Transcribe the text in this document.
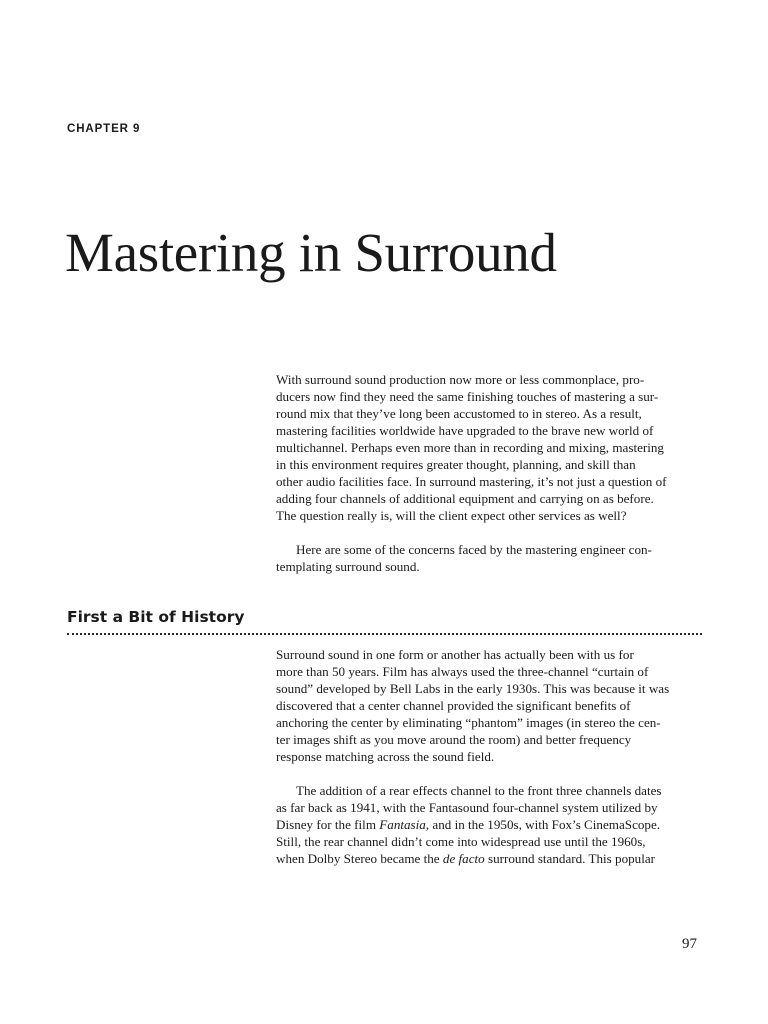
CHAPTER 9
Mastering in Surround

With surround sound production now more or less commonplace, pro-
ducers now find they need the same finishing touches of mastering a sur-
round mix that they’ve long been accustomed to in stereo. As a result,
mastering facilities worldwide have upgraded to the brave new world of
multichannel. Perhaps even more than in recording and mixing, mastering
in this environment requires greater thought, planning, and skill than
other audio facilities face. In surround mastering, it’s not just a question of
adding four channels of additional equipment and carrying on as before.
The question really is, will the client expect other services as well?

Here are some of the concerns faced by the mastering engineer con-
templating surround sound.

First a Bit of History

Surround sound in one form or another has actually been with us for
more than 50 years. Film has always used the three-channel “curtain of
sound” developed by Bell Labs in the early 1930s. This was because it was
discovered that a center channel provided the significant benefits of
anchoring the center by eliminating “phantom” images (in stereo the cen-
ter images shift as you move around the room) and better frequency
response matching across the sound field.

The addition of a rear effects channel to the front three channels dates
as far back as 1941, with the Fantasound four-channel system utilized by
Disney for the film Fantasia, and in the 1950s, with Fox’s CinemaScope.
Still, the rear channel didn’t come into widespread use until the 1960s,
when Dolby Stereo became the de facto surround standard. This popular

97
